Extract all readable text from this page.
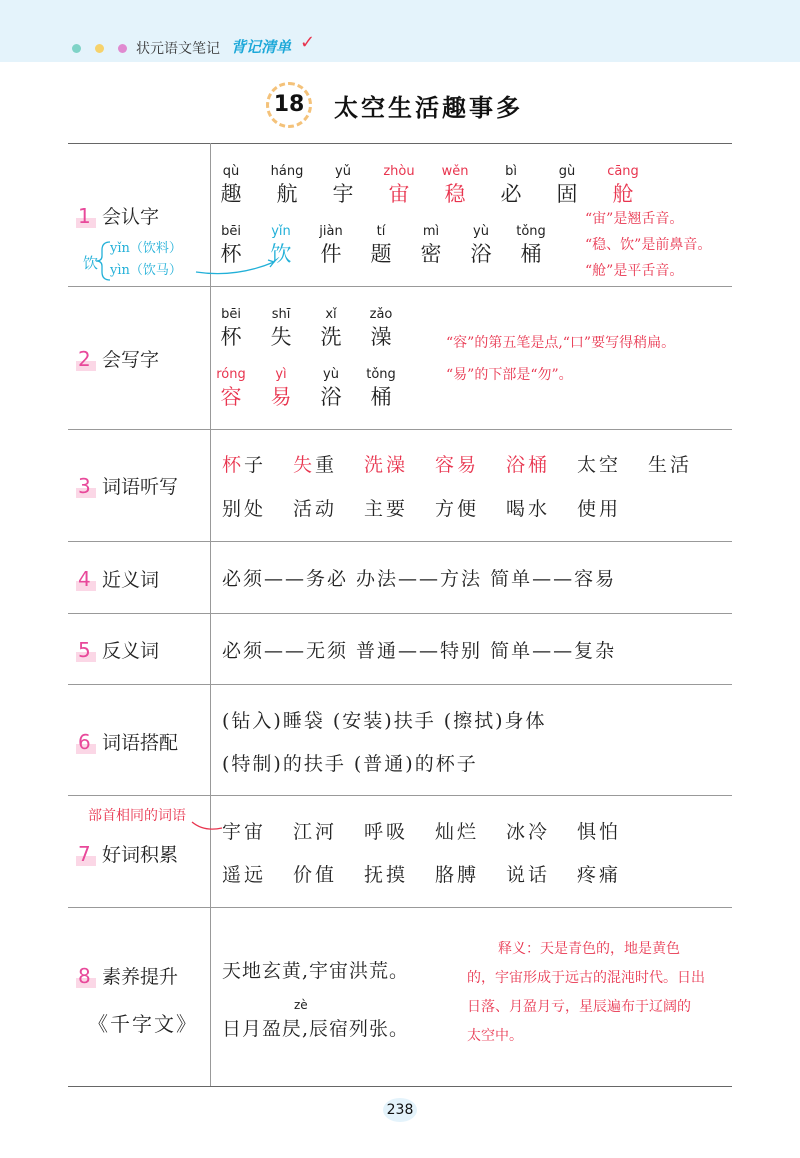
状元语文笔记 背记清单 ✓
18	太空生活趣事多
1 会认字
2 会写字
3 词语听写
4 近义词
5 反义词
6 词语搭配
7 好词积累
8 素养提升
qù
趣
háng
航
yǔ
宇
zhòu
宙
wěn
稳
bì
必
gù
固
cāng
舱
bēi
杯
yǐn
饮
jiàn
件
tí
题
mì
密
yù
浴
tǒng
桶
“宙”是翘舌音。
“稳、饮”是前鼻音。
“舱”是平舌音。
饮
yǐn（饮料）
yìn（饮马）
bēi
杯
shī
失
xǐ
洗
zǎo
澡
róng
容
yì
易
yù
浴
tǒng
桶
“容”的第五笔是点,“口”要写得稍扁。
“易”的下部是“勿”。
杯子 失重 洗澡 容易 浴桶 太空 生活
别处 活动 主要 方便 喝水 使用
必须——务必 办法——方法 简单——容易
必须——无须 普通——特别 简单——复杂
(钻入)睡袋 (安装)扶手 (擦拭)身体
(特制)的扶手 (普通)的杯子
部首相同的词语
宇宙 江河 呼吸 灿烂 冰冷 惧怕
遥远 价值 抚摸 胳膊 说话 疼痛
《千字文》
天地玄黄,宇宙洪荒。
zè
日月盈昃,辰宿列张。
释义：天是青色的，地是黄色
的，宇宙形成于远古的混沌时代。日出
日落、月盈月亏，星辰遍布于辽阔的
太空中。
238
